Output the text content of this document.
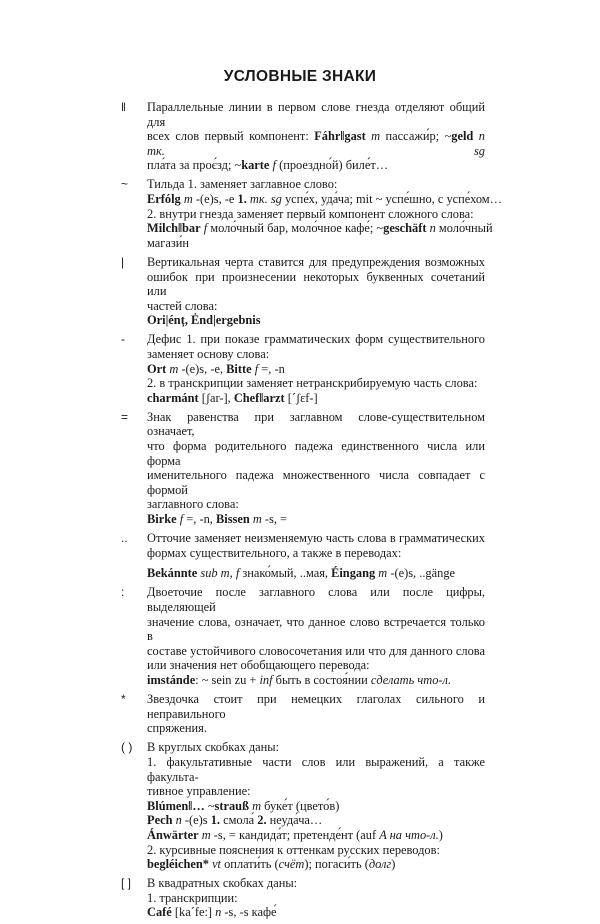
УСЛОВНЫЕ ЗНАКИ
‖	Параллельные линии в первом слове гнезда отделяют общий для
всех слов первый компонент: Fáhr‖gast m пассажи́р; ~geld n тк. sg
пла́та за проє́зд; ~karte f (проездно́й) биле́т…
~	Тильда 1. заменяет заглавное слово:
Erfólg m -(e)s, -e 1. тк. sg успе́х, уда́ча; mit ~ успе́шно, с успе́хом…
2. внутри гнезда заменяет первый компонент сложного слова:
Milch‖bar f моло́чный бар, моло́чное кафе́; ~geschäft n моло́чный
магази́н
|	Вертикальная черта ставится для предупреждения возможных
ошибок при произнесении некоторых буквенных сочетаний или
частей слова:
Ori|énț, Ẻnd|ergebnis
-	Дефис 1. при показе грамматических форм существительного
заменяет основу слова:
Ort m -(e)s, -e, Bitte f =, -n
2. в транскрипции заменяет нетранскрибируемую часть слова:
charmánt [ʃar-], Chef‖arzt [ˊʃɛf-]
=	Знак равенства при заглавном слове-существительном означает,
что форма родительного падежа единственного числа или форма
именительного падежа множественного числа совпадает с формой
заглавного слова:
Birke f =, -n, Bissen m -s, =
..	Отточие заменяет неизменяемую часть слова в грамматических
формах существительного, а также в переводах:
Bekánnte sub m, f знако́мый, ..мая, Éingang m -(e)s, ..gänge
:	Двоеточие после заглавного слова или после цифры, выделяющей
значение слова, означает, что данное слово встречается только в
составе устойчивого словосочетания или что для данного слова
или значения нет обобщающего перевода:
imstánde: ~ sein zu + inf быть в состоя́нии сделать что-л.
*	Звездочка стоит при немецких глаголах сильного и неправильного
спряжения.
( )	В круглых скобках даны:
1. факультативные части слов или выражений, а также факульта-
тивное управление:
Blúmen‖… ~strauß m буке́т (цвето́в)
Pech n -(e)s 1. смола́ 2. неуда́ча…
Ánwärter m -s, = кандида́т; претенде́нт (auf A на что-л.)
2. курсивные пояснения к оттенкам русских переводов:
begléichen* vt оплати́ть (счёт); погаси́ть (долг)
[ ]	В квадратных скобках даны:
1. транскрипции:
Café [kaˊfe:] n -s, -s кафе́
